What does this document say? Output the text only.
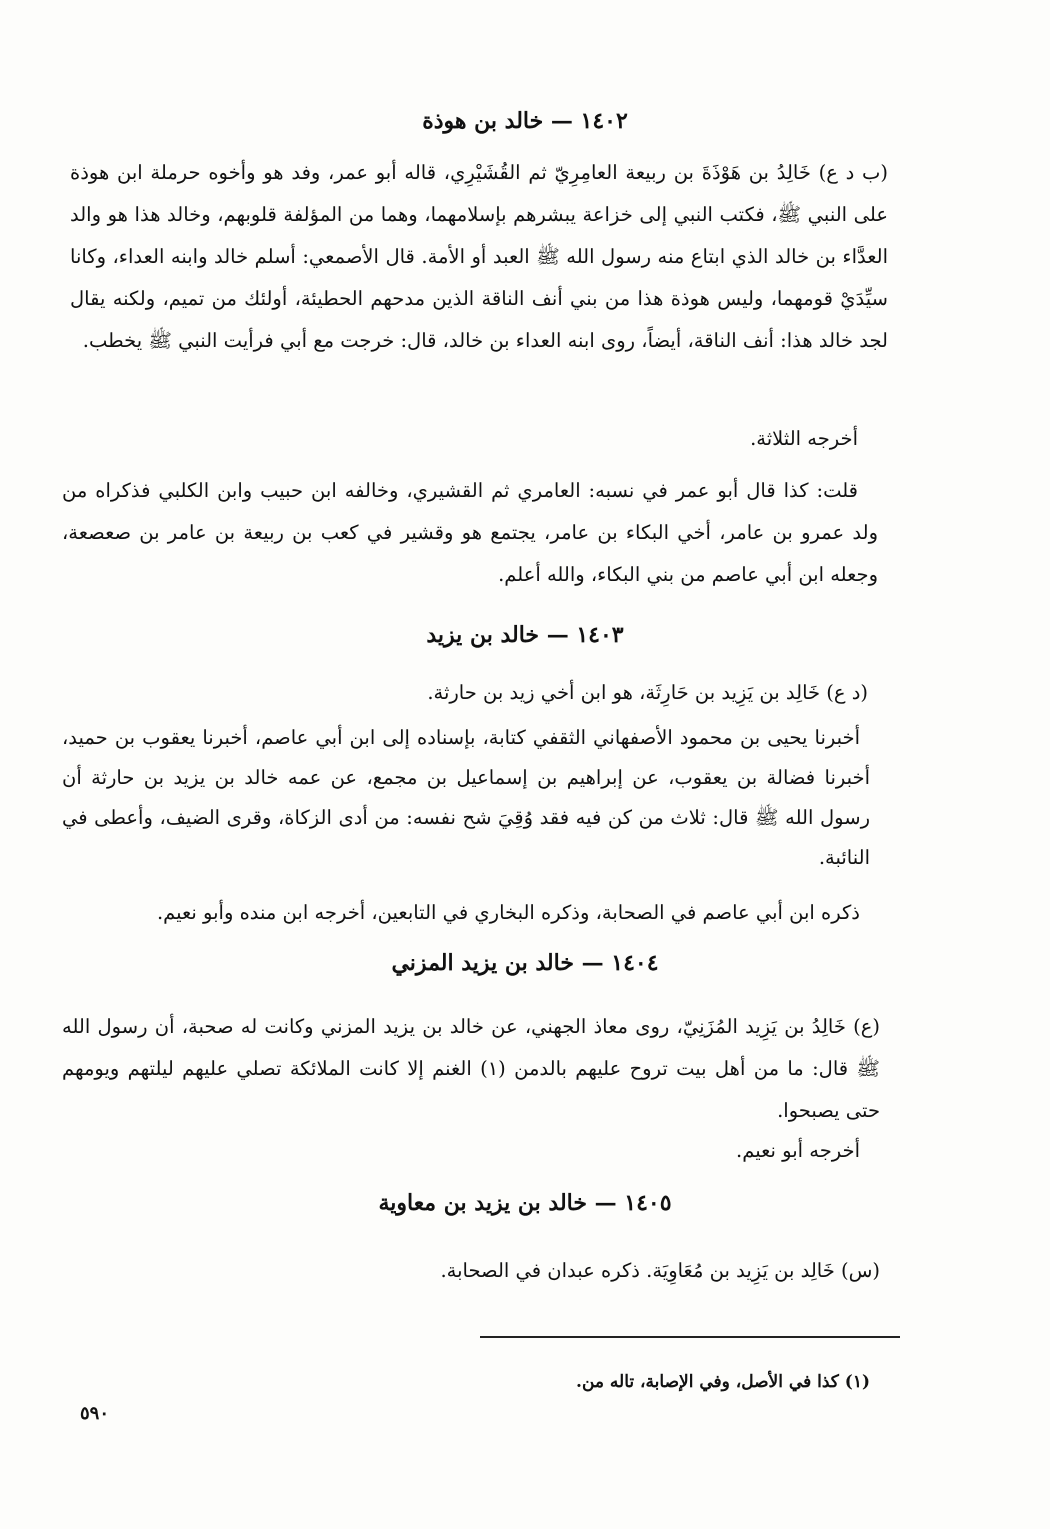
١٤٠٢ — خالد بن هوذة
(ب د ع) خَالِدُ بن هَوْذَةَ بن ربيعة العامِرِيّ ثم القُشَيْرِي، قاله أبو عمر، وفد هو وأخوه حرملة ابن هوذة على النبي ﷺ، فكتب النبي إلى خزاعة يبشرهم بإسلامهما، وهما من المؤلفة قلوبهم، وخالد هذا هو والد العدَّاء بن خالد الذي ابتاع منه رسول الله ﷺ العبد أو الأمة. قال الأصمعي: أسلم خالد وابنه العداء، وكانا سيِّدَيْ قومهما، وليس هوذة هذا من بني أنف الناقة الذين مدحهم الحطيئة، أولئك من تميم، ولكنه يقال لجد خالد هذا: أنف الناقة، أيضاً، روى ابنه العداء بن خالد، قال: خرجت مع أبي فرأيت النبي ﷺ يخطب.
أخرجه الثلاثة.
قلت: كذا قال أبو عمر في نسبه: العامري ثم القشيري، وخالفه ابن حبيب وابن الكلبي فذكراه من ولد عمرو بن عامر، أخي البكاء بن عامر، يجتمع هو وقشير في كعب بن ربيعة بن عامر بن صعصعة، وجعله ابن أبي عاصم من بني البكاء، والله أعلم.
١٤٠٣ — خالد بن يزيد
(د ع) خَالِد بن يَزِيد بن حَارِثَة، هو ابن أخي زيد بن حارثة.
أخبرنا يحيى بن محمود الأصفهاني الثقفي كتابة، بإسناده إلى ابن أبي عاصم، أخبرنا يعقوب بن حميد، أخبرنا فضالة بن يعقوب، عن إبراهيم بن إسماعيل بن مجمع، عن عمه خالد بن يزيد بن حارثة أن رسول الله ﷺ قال: ثلاث من كن فيه فقد وُقِيَ شح نفسه: من أدى الزكاة، وقرى الضيف، وأعطى في النائبة.
ذكره ابن أبي عاصم في الصحابة، وذكره البخاري في التابعين، أخرجه ابن منده وأبو نعيم.
١٤٠٤ — خالد بن يزيد المزني
(ع) خَالِدُ بن يَزِيد المُزَنِيّ، روى معاذ الجهني، عن خالد بن يزيد المزني وكانت له صحبة، أن رسول الله ﷺ قال: ما من أهل بيت تروح عليهم بالدمن (١) الغنم إلا كانت الملائكة تصلي عليهم ليلتهم ويومهم حتى يصبحوا.
أخرجه أبو نعيم.
١٤٠٥ — خالد بن يزيد بن معاوية
(س) خَالِد بن يَزِيد بن مُعَاوِيَة. ذكره عبدان في الصحابة.
(١) كذا في الأصل، وفي الإصابة، تاله من.
٥٩٠
